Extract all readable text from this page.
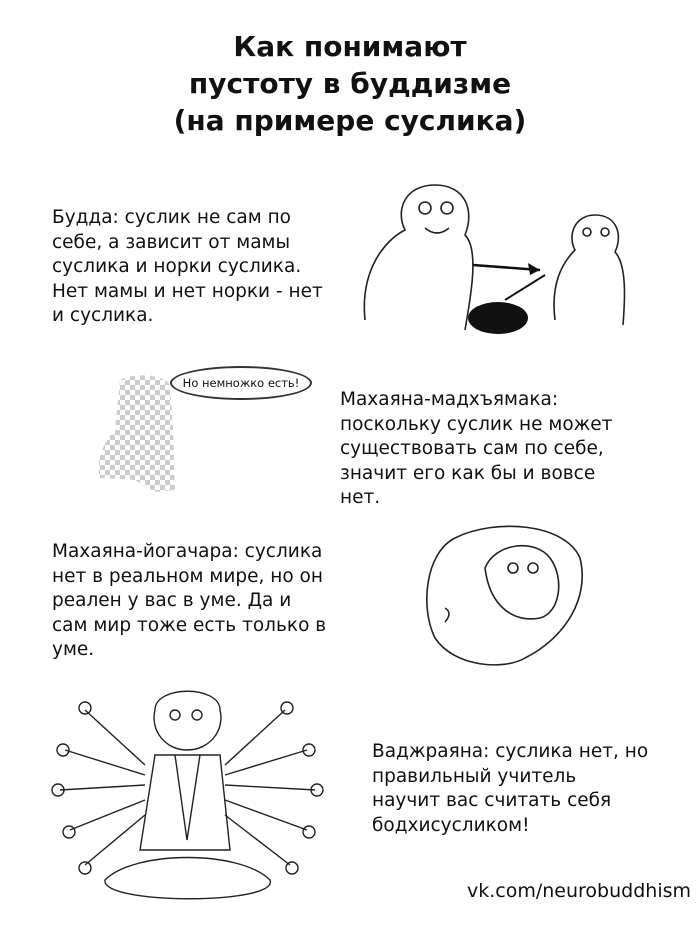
Как понимают
пустоту в буддизме
(на примере суслика)
Будда: суслик не сам по
себе, а зависит от мамы
суслика и норки суслика.
Нет мамы и нет норки - нет
и суслика.
Махаяна-мадхъямака:
поскольку суслик не может
существовать сам по себе,
значит его как бы и вовсе
нет.
Махаяна-йогачара: суслика
нет в реальном мире, но он
реален у вас в уме. Да и
сам мир тоже есть только в
уме.
Ваджраяна: суслика нет, но
правильный учитель
научит вас считать себя
бодхисусликом!
Но немножко есть!
vk.com/neurobuddhism
